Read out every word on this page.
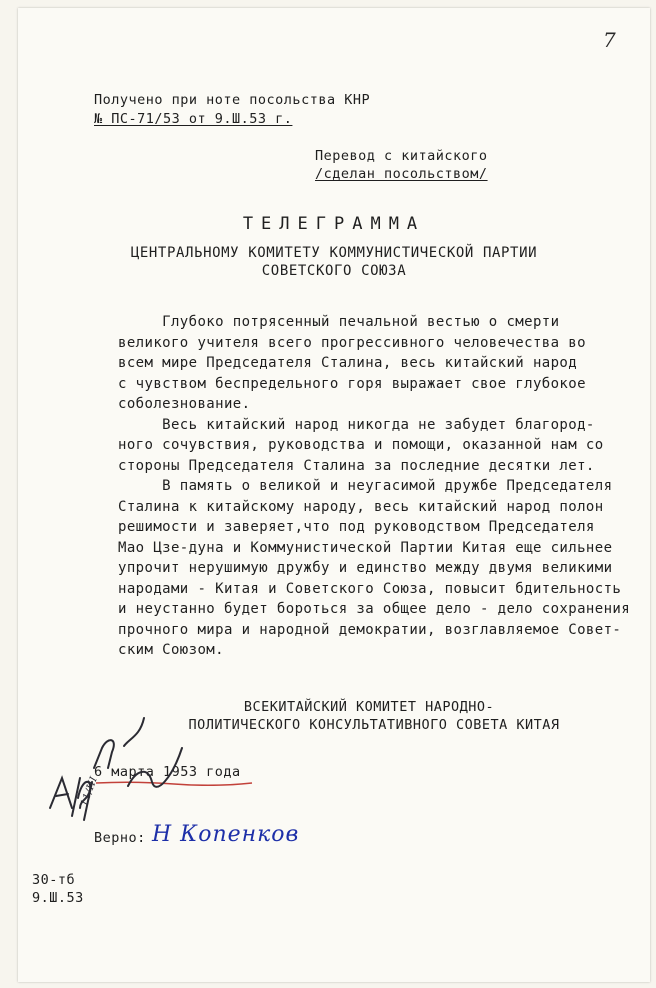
7
Получено при ноте посольства КНР
№ ПС-71/53 от 9.Ш.53 г.
Перевод с китайского
/сделан посольством/
ТЕЛЕГРАММА
ЦЕНТРАЛЬНОМУ КОМИТЕТУ КОММУНИСТИЧЕСКОЙ ПАРТИИ
СОВЕТСКОГО СОЮЗА
Глубоко потрясенный печальной вестью о смерти
великого учителя всего прогрессивного человечества во
всем мире Председателя Сталина, весь китайский народ
с чувством беспредельного горя выражает свое глубокое
соболезнование.
Весь китайский народ никогда не забудет благород-
ного сочувствия, руководства и помощи, оказанной нам со
стороны Председателя Сталина за последние десятки лет.
В память о великой и неугасимой дружбе Председателя
Сталина к китайскому народу, весь китайский народ полон
решимости и заверяет,что под руководством Председателя
Мао Цзе-дуна и Коммунистической Партии Китая еще сильнее
упрочит нерушимую дружбу и единство между двумя великими
народами - Китая и Советского Союза, повысит бдительность
и неустанно будет бороться за общее дело - дело сохранения
прочного мира и народной демократии, возглавляемое Совет-
ским Союзом.
ВСЕКИТАЙСКИЙ КОМИТЕТ НАРОДНО-
ПОЛИТИЧЕСКОГО КОНСУЛЬТАТИВНОГО СОВЕТА КИТАЯ
6 марта 1953 года
11/III
Верно: Н Копенков
30-тб
9.Ш.53
